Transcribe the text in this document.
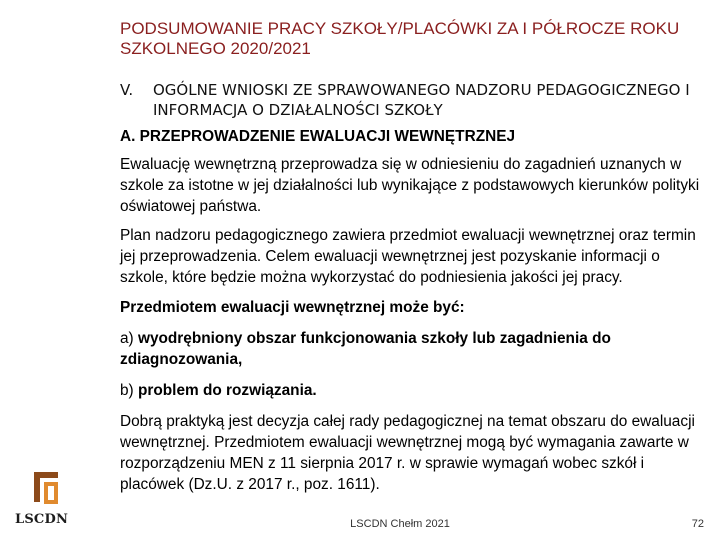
PODSUMOWANIE PRACY SZKOŁY/PLACÓWKI ZA I PÓŁROCZE ROKU SZKOLNEGO 2020/2021
V.	OGÓLNE WNIOSKI ZE SPRAWOWANEGO NADZORU PEDAGOGICZNEGO I INFORMACJA O DZIAŁALNOŚCI SZKOŁY

A. PRZEPROWADZENIE EWALUACJI WEWNĘTRZNEJ

Ewaluację wewnętrzną przeprowadza się w odniesieniu do zagadnień uznanych w szkole za istotne w jej działalności lub wynikające z podstawowych kierunków polityki oświatowej państwa.

Plan nadzoru pedagogicznego zawiera przedmiot ewaluacji wewnętrznej oraz termin jej przeprowadzenia. Celem ewaluacji wewnętrznej jest pozyskanie informacji o szkole, które będzie można wykorzystać do podniesienia jakości jej pracy.

Przedmiotem ewaluacji wewnętrznej może być:

a) wyodrębniony obszar funkcjonowania szkoły lub zagadnienia do zdiagnozowania,

b) problem do rozwiązania.

Dobrą praktyką jest decyzja całej rady pedagogicznej na temat obszaru do ewaluacji wewnętrznej. Przedmiotem ewaluacji wewnętrznej mogą być wymagania zawarte w rozporządzeniu MEN z 11 sierpnia 2017 r. w sprawie wymagań wobec szkół i placówek (Dz.U. z 2017 r., poz. 1611).

LSCDN	LSCDN Chełm 2021	72
